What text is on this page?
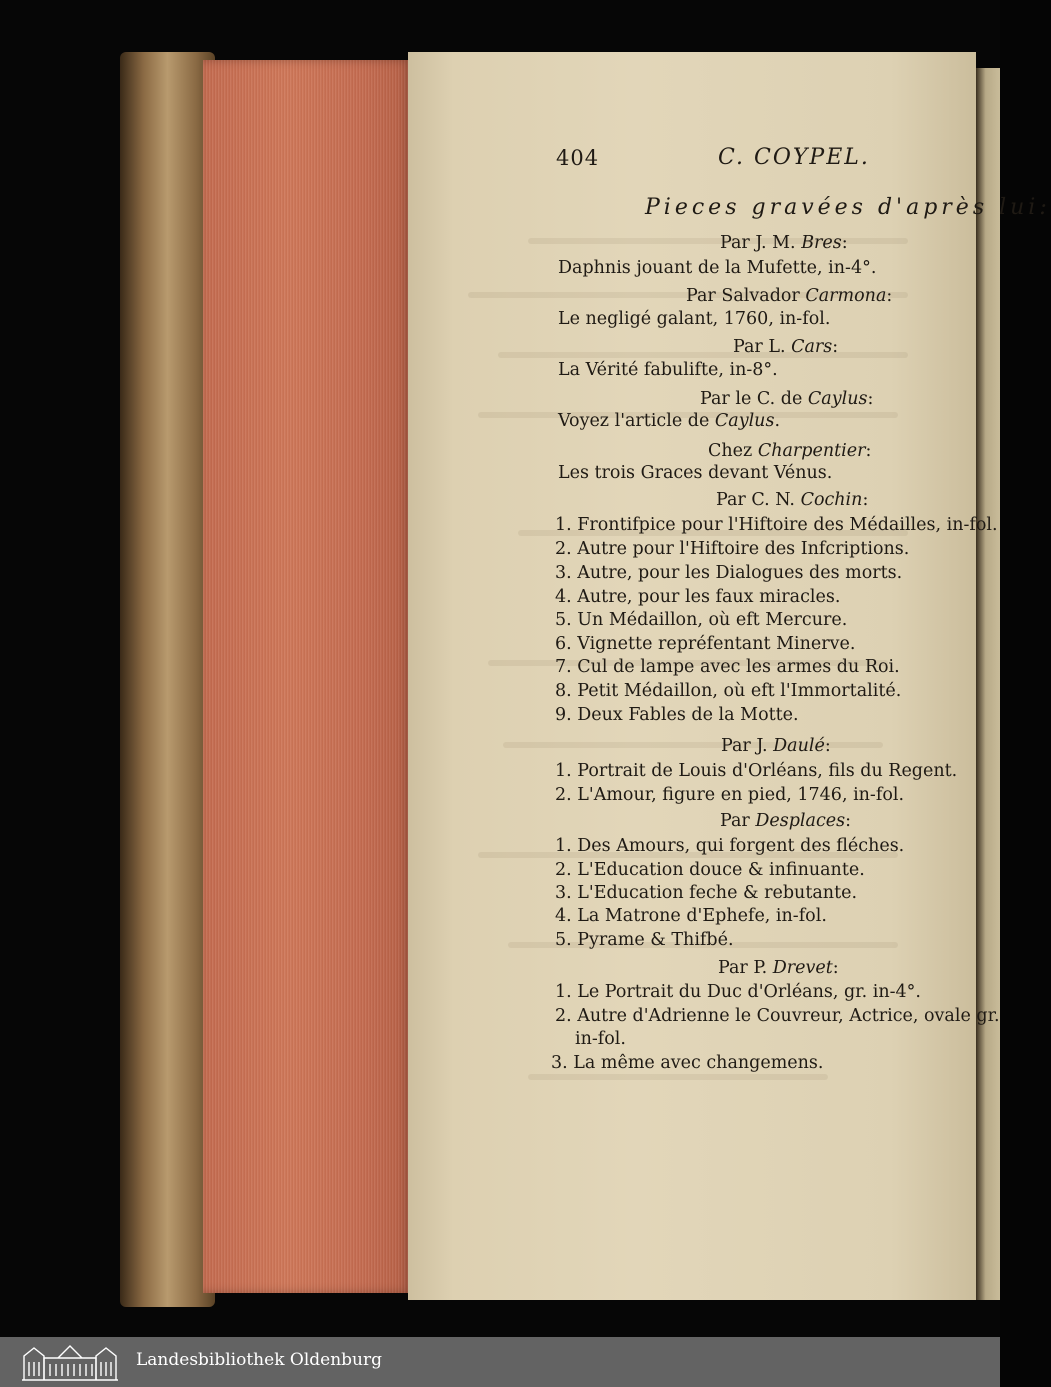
404	C. COYPEL.
Pieces gravées d'après lui:
Par J. M. Bres:
Daphnis jouant de la Mufette, in-4°.
Par Salvador Carmona:
Le negligé galant, 1760, in-fol.
Par L. Cars:
La Vérité fabulifte, in-8°.
Par le C. de Caylus:
Voyez l'article de Caylus.
Chez Charpentier:
Les trois Graces devant Vénus.
Par C. N. Cochin:
1. Frontifpice pour l'Hiftoire des Médailles, in-fol.
2. Autre pour l'Hiftoire des Infcriptions.
3. Autre, pour les Dialogues des morts.
4. Autre, pour les faux miracles.
5. Un Médaillon, où eft Mercure.
6. Vignette repréfentant Minerve.
7. Cul de lampe avec les armes du Roi.
8. Petit Médaillon, où eft l'Immortalité.
9. Deux Fables de la Motte.
Par J. Daulé:
1. Portrait de Louis d'Orléans, fils du Regent.
2. L'Amour, figure en pied, 1746, in-fol.
Par Desplaces:
1. Des Amours, qui forgent des fléches.
2. L'Education douce & infinuante.
3. L'Education feche & rebutante.
4. La Matrone d'Ephefe, in-fol.
5. Pyrame & Thifbé.
Par P. Drevet:
1. Le Portrait du Duc d'Orléans, gr. in-4°.
2. Autre d'Adrienne le Couvreur, Actrice, ovale gr.
in-fol.
3. La même avec changemens.
Landesbibliothek Oldenburg
